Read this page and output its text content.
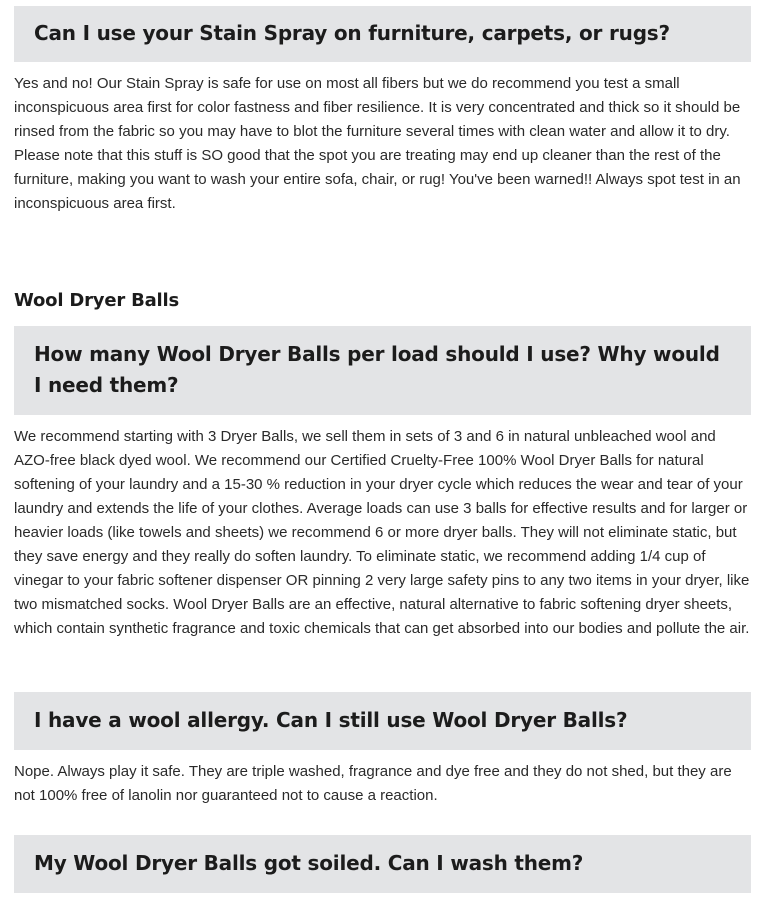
Can I use your Stain Spray on furniture, carpets, or rugs?

Yes and no! Our Stain Spray is safe for use on most all fibers but we do recommend you test a small inconspicuous area first for color fastness and fiber resilience. It is very concentrated and thick so it should be rinsed from the fabric so you may have to blot the furniture several times with clean water and allow it to dry. Please note that this stuff is SO good that the spot you are treating may end up cleaner than the rest of the furniture, making you want to wash your entire sofa, chair, or rug! You've been warned!! Always spot test in an inconspicuous area first.

Wool Dryer Balls
How many Wool Dryer Balls per load should I use? Why would I need them?

We recommend starting with 3 Dryer Balls, we sell them in sets of 3 and 6 in natural unbleached wool and AZO-free black dyed wool. We recommend our Certified Cruelty-Free 100% Wool Dryer Balls for natural softening of your laundry and a 15-30 % reduction in your dryer cycle which reduces the wear and tear of your laundry and extends the life of your clothes. Average loads can use 3 balls for effective results and for larger or heavier loads (like towels and sheets) we recommend 6 or more dryer balls. They will not eliminate static, but they save energy and they really do soften laundry. To eliminate static, we recommend adding 1/4 cup of vinegar to your fabric softener dispenser OR pinning 2 very large safety pins to any two items in your dryer, like two mismatched socks. Wool Dryer Balls are an effective, natural alternative to fabric softening dryer sheets, which contain synthetic fragrance and toxic chemicals that can get absorbed into our bodies and pollute the air.

I have a wool allergy. Can I still use Wool Dryer Balls?

Nope. Always play it safe. They are triple washed, fragrance and dye free and they do not shed, but they are not 100% free of lanolin nor guaranteed not to cause a reaction.

My Wool Dryer Balls got soiled. Can I wash them?
